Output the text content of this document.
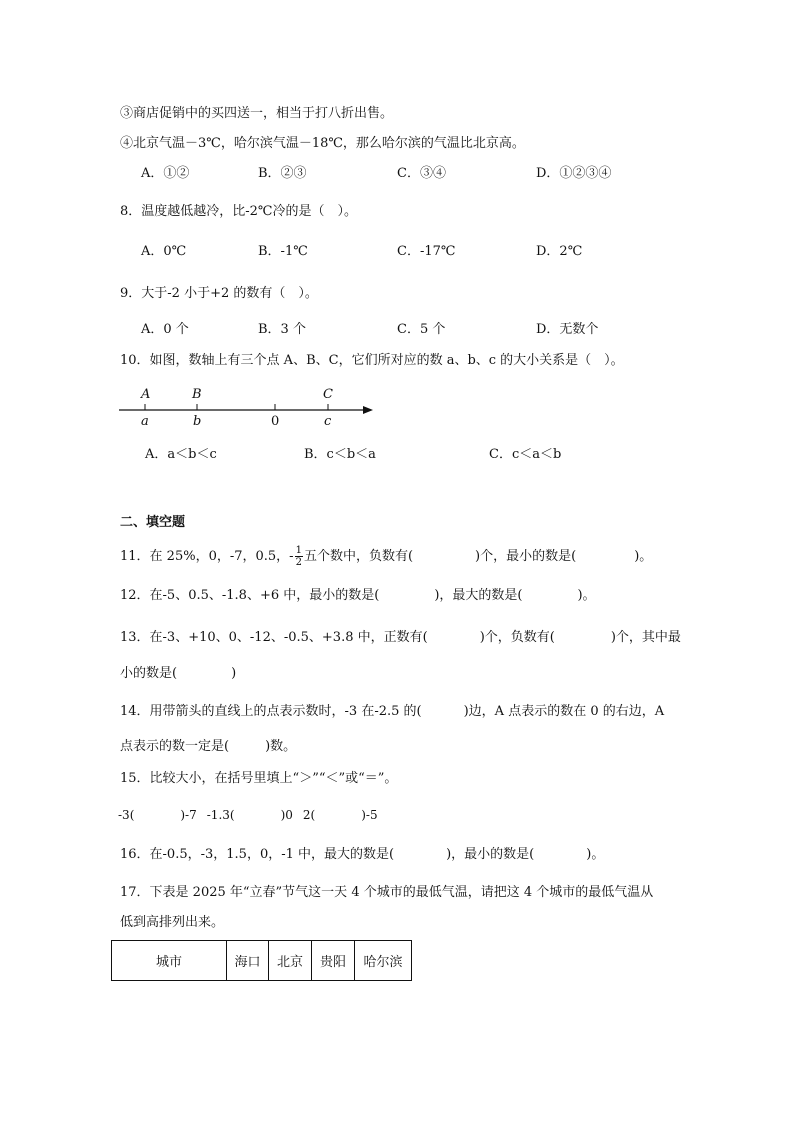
③商店促销中的买四送一，相当于打八折出售。
④北京气温－3℃，哈尔滨气温－18℃，那么哈尔滨的气温比北京高。
A．①②	B．②③	C．③④	D．①②③④
8．温度越低越冷，比-2℃冷的是（　）。
A．0℃	B．-1℃	C．-17℃	D．2℃
9．大于-2 小于+2 的数有（　）。
A．0 个	B．3 个	C．5 个	D．无数个
10．如图，数轴上有三个点 A、B、C，它们所对应的数 a、b、c 的大小关系是（　）。
A	B	C
a	b	0	c
A．a＜b＜c	B．c＜b＜a	C．c＜a＜b
二、填空题
11．在 25%，0，-7，0.5，- $\frac{1}{2}$ 五个数中，负数有(	)个，最小的数是(	)。
12．在-5、0.5、-1.8、+6 中，最小的数是(	)，最大的数是(	)。
13．在-3、+10、0、-12、-0.5、+3.8 中，正数有(	)个，负数有(	)个，其中最
小的数是(	)
14．用带箭头的直线上的点表示数时，-3 在-2.5 的(	)边，A 点表示的数在 0 的右边，A
点表示的数一定是(	)数。
15．比较大小，在括号里填上“＞”“＜”或“＝”。
-3(	)-7 -1.3(	)0 2(	)-5
16．在-0.5，-3，1.5，0，-1 中，最大的数是(	)，最小的数是(	)。
17．下表是 2025 年“立春”节气这一天 4 个城市的最低气温，请把这 4 个城市的最低气温从
低到高排列出来。
城市	海口	北京	贵阳	哈尔滨
